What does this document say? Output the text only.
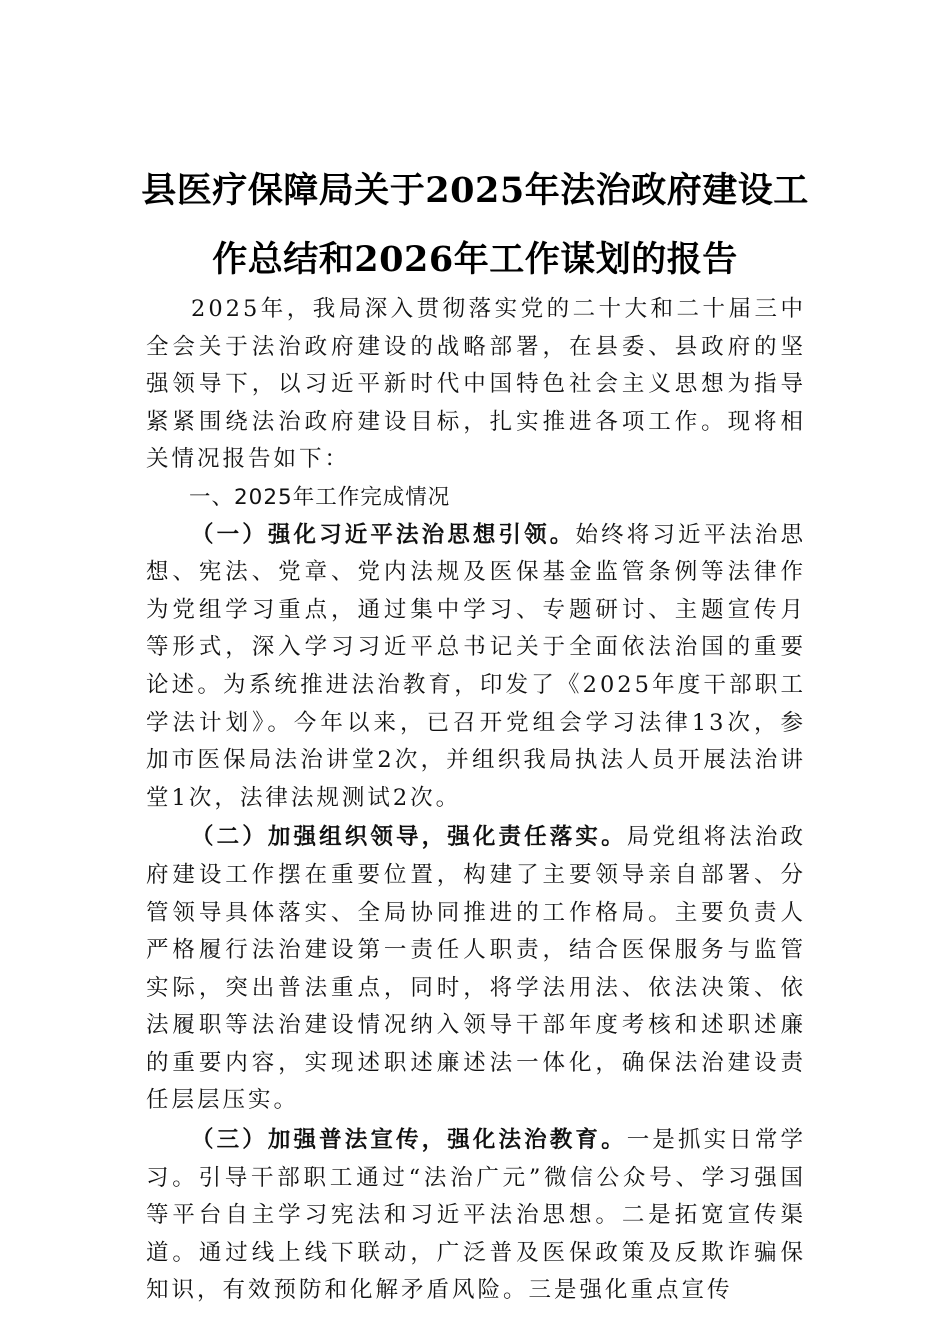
县医疗保障局关于2025年法治政府建设工
作总结和2026年工作谋划的报告

2025年，我局深入贯彻落实党的二十大和二十届三中全会关于法治政府建设的战略部署，在县委、县政府的坚强领导下，以习近平新时代中国特色社会主义思想为指导紧紧围绕法治政府建设目标，扎实推进各项工作。现将相关情况报告如下：

一、2025年工作完成情况

（一）强化习近平法治思想引领。始终将习近平法治思想、宪法、党章、党内法规及医保基金监管条例等法律作为党组学习重点，通过集中学习、专题研讨、主题宣传月等形式，深入学习习近平总书记关于全面依法治国的重要论述。为系统推进法治教育，印发了《2025年度干部职工学法计划》。今年以来，已召开党组会学习法律13次，参加市医保局法治讲堂2次，并组织我局执法人员开展法治讲堂1次，法律法规测试2次。

（二）加强组织领导，强化责任落实。局党组将法治政府建设工作摆在重要位置，构建了主要领导亲自部署、分管领导具体落实、全局协同推进的工作格局。主要负责人严格履行法治建设第一责任人职责，结合医保服务与监管实际，突出普法重点，同时，将学法用法、依法决策、依法履职等法治建设情况纳入领导干部年度考核和述职述廉的重要内容，实现述职述廉述法一体化，确保法治建设责任层层压实。

（三）加强普法宣传，强化法治教育。一是抓实日常学习。引导干部职工通过“法治广元”微信公众号、学习强国等平台自主学习宪法和习近平法治思想。二是拓宽宣传渠道。通过线上线下联动，广泛普及医保政策及反欺诈骗保知识，有效预防和化解矛盾风险。三是强化重点宣传
